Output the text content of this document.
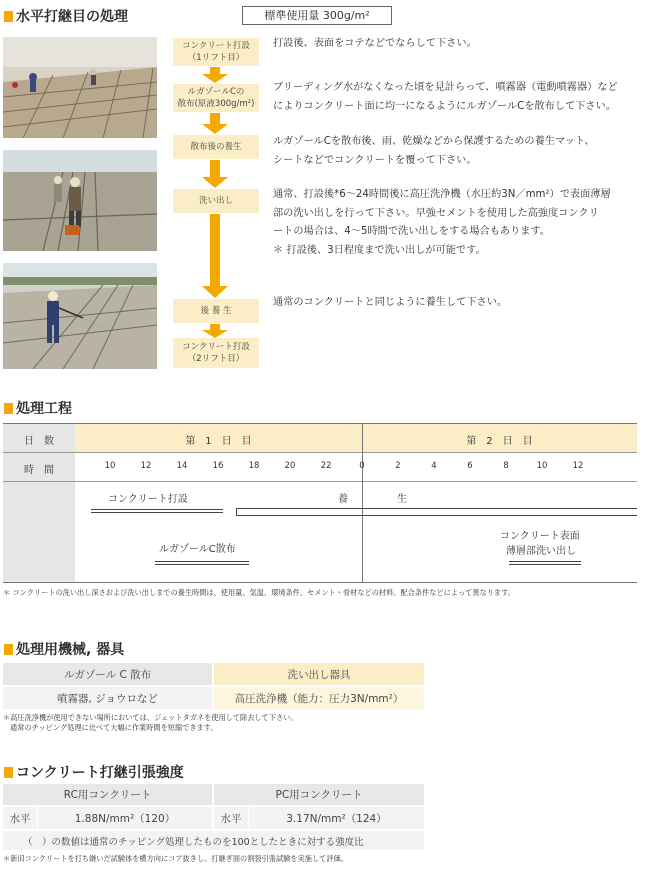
水平打継目の処理	標準使用量 300g/m²
コンクリート打設
（1リフト目）
ルガゾールCの
散布(原液300g/m²)
散布後の養生
洗い出し
後 養 生
コンクリート打設
（2リフト目）
打設後、表面をコテなどでならして下さい。
ブリーディング水がなくなった頃を見計らって、噴霧器（電動噴霧器）など
によりコンクリート面に均一になるようにルガゾールCを散布して下さい。
ルガゾールCを散布後、雨、乾燥などから保護するための養生マット、
シートなどでコンクリートを覆って下さい。
通常、打設後*6〜24時間後に高圧洗浄機（水圧約3N／mm²）で表面薄層
部の洗い出しを行って下さい。早強セメントを使用した高強度コンクリ
ートの場合は、4〜5時間で洗い出しをする場合もあります。
＊ 打設後、3日程度まで洗い出しが可能です。
通常のコンクリートと同じように養生して下さい。
処理工程
日　数	第　1　日　目	第　2　日　目
時　間	10	12	14	16	18	20	22	0	2	4	6	8	10	12
コンクリート打設	養	生
ルガゾールC散布
コンクリート表面
薄層部洗い出し
＊ コンクリートの洗い出し深さおよび洗い出しまでの養生時間は、使用量、気温、環境条件、セメント・骨材などの材料、配合条件などによって異なります。
処理用機械, 器具
ルガゾール C 散布	洗い出し器具
噴霧器, ジョウロなど	高圧洗浄機（能力：圧力3N/mm²）
＊高圧洗浄機が使用できない場所においては、ジェットタガネを使用して除去して下さい。
通常のチッピング処理に比べて大幅に作業時間を短縮できます。
コンクリート打継引張強度
RC用コンクリート	PC用コンクリート
水平	1.88N/mm²（120）	水平	3.17N/mm²（124）
（　）の数値は通常のチッピング処理したものを100としたときに対する強度比
＊新旧コンクリートを打ち継いだ試験体を横方向にコア抜きし、打継ぎ面の割裂引張試験を実施して評価。
